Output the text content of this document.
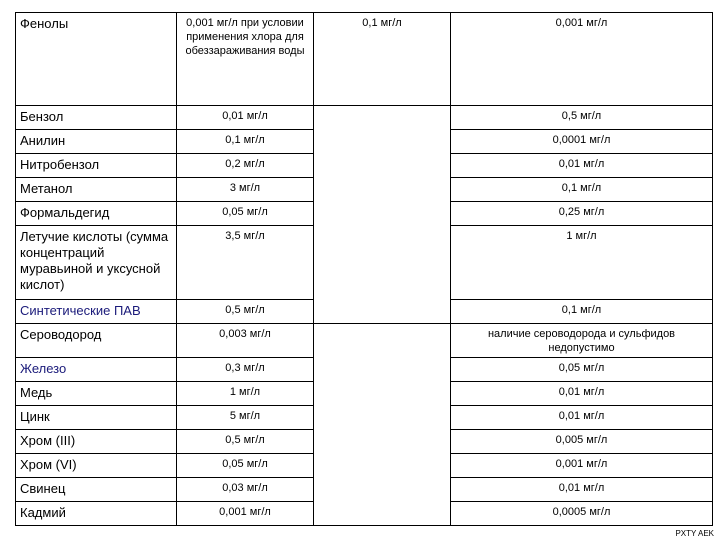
Фенолы	0,001 мг/л при условии применения хлора для обеззараживания воды	0,1 мг/л	0,001 мг/л
Бензол	0,01 мг/л		0,5 мг/л
Анилин	0,1 мг/л		0,0001 мг/л
Нитробензол	0,2 мг/л		0,01 мг/л
Метанол	3 мг/л		0,1 мг/л
Формальдегид	0,05 мг/л		0,25 мг/л
Летучие кислоты (сумма концентраций муравьиной и уксусной кислот)	3,5 мг/л		1 мг/л
Синтетические ПАВ	0,5 мг/л		0,1 мг/л
Сероводород	0,003 мг/л		наличие сероводорода и сульфидов недопустимо
Железо	0,3 мг/л		0,05 мг/л
Медь	1 мг/л		0,01 мг/л
Цинк	5 мг/л		0,01 мг/л
Хром (III)	0,5 мг/л		0,005 мг/л
Хром (VI)	0,05 мг/л		0,001 мг/л
Свинец	0,03 мг/л		0,01 мг/л
Кадмий	0,001 мг/л		0,0005 мг/л
PXTY AEK
